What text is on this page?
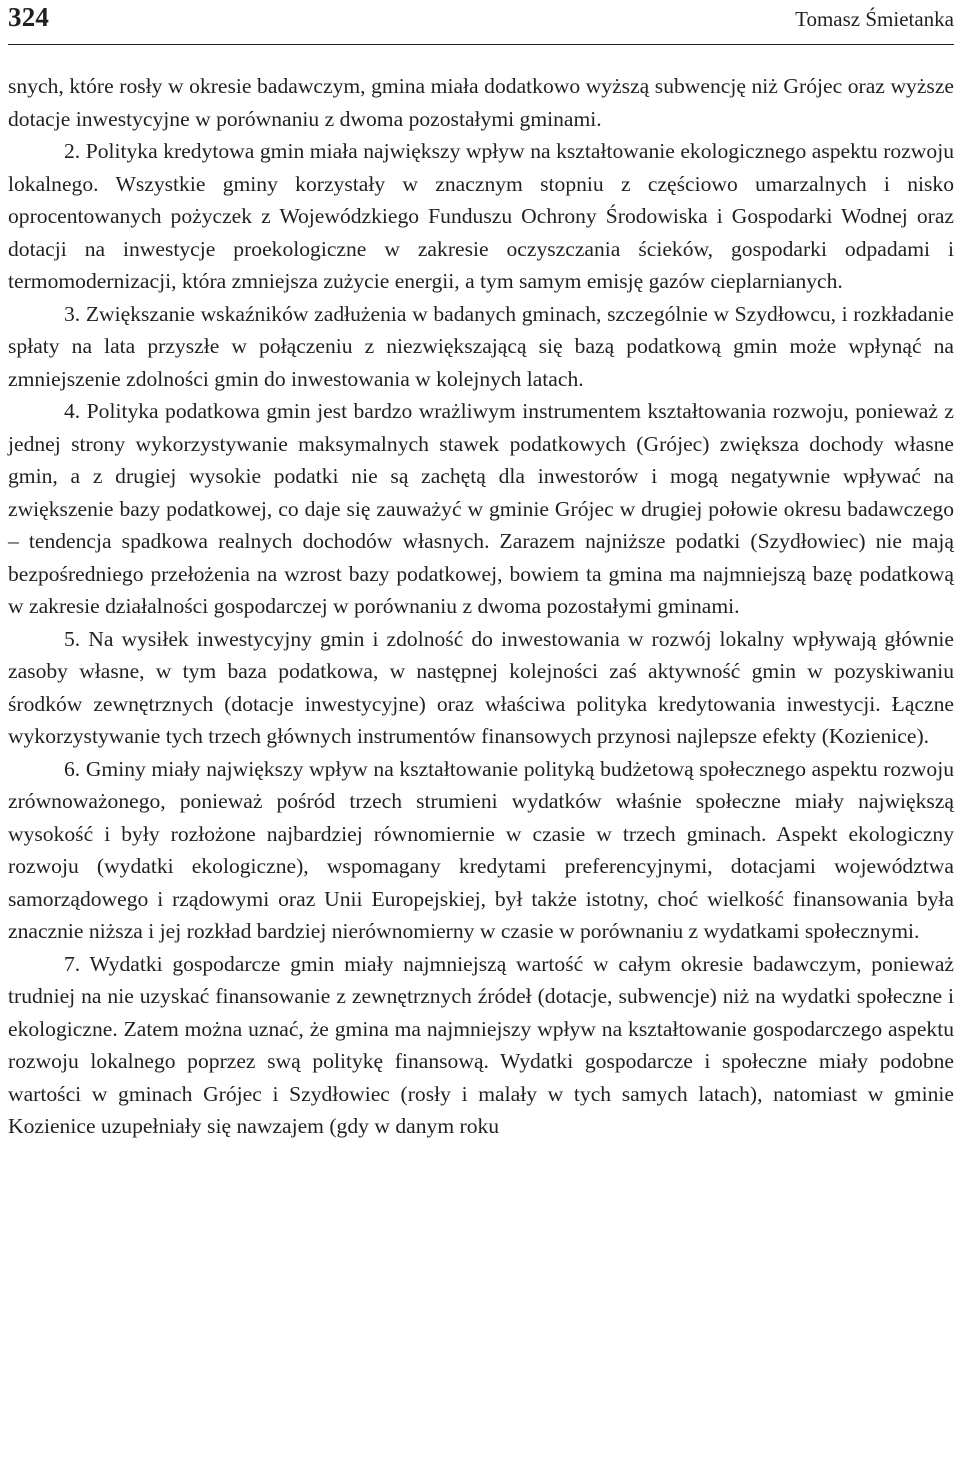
324	Tomasz Śmietanka

snych, które rosły w okresie badawczym, gmina miała dodatkowo wyższą subwencję niż Grójec oraz wyższe dotacje inwestycyjne w porównaniu z dwoma pozostałymi gminami.

2. Polityka kredytowa gmin miała największy wpływ na kształtowanie ekologicznego aspektu rozwoju lokalnego. Wszystkie gminy korzystały w znacznym stopniu z częściowo umarzalnych i nisko oprocentowanych pożyczek z Wojewódzkiego Funduszu Ochrony Środowiska i Gospodarki Wodnej oraz dotacji na inwestycje proekologiczne w zakresie oczyszczania ścieków, gospodarki odpadami i termomodernizacji, która zmniejsza zużycie energii, a tym samym emisję gazów cieplarnianych.

3. Zwiększanie wskaźników zadłużenia w badanych gminach, szczególnie w Szydłowcu, i rozkładanie spłaty na lata przyszłe w połączeniu z niezwiększającą się bazą podatkową gmin może wpłynąć na zmniejszenie zdolności gmin do inwestowania w kolejnych latach.

4. Polityka podatkowa gmin jest bardzo wrażliwym instrumentem kształtowania rozwoju, ponieważ z jednej strony wykorzystywanie maksymalnych stawek podatkowych (Grójec) zwiększa dochody własne gmin, a z drugiej wysokie podatki nie są zachętą dla inwestorów i mogą negatywnie wpływać na zwiększenie bazy podatkowej, co daje się zauważyć w gminie Grójec w drugiej połowie okresu badawczego – tendencja spadkowa realnych dochodów własnych. Zarazem najniższe podatki (Szydłowiec) nie mają bezpośredniego przełożenia na wzrost bazy podatkowej, bowiem ta gmina ma najmniejszą bazę podatkową w zakresie działalności gospodarczej w porównaniu z dwoma pozostałymi gminami.

5. Na wysiłek inwestycyjny gmin i zdolność do inwestowania w rozwój lokalny wpływają głównie zasoby własne, w tym baza podatkowa, w następnej kolejności zaś aktywność gmin w pozyskiwaniu środków zewnętrznych (dotacje inwestycyjne) oraz właściwa polityka kredytowania inwestycji. Łączne wykorzystywanie tych trzech głównych instrumentów finansowych przynosi najlepsze efekty (Kozienice).

6. Gminy miały największy wpływ na kształtowanie polityką budżetową społecznego aspektu rozwoju zrównoważonego, ponieważ pośród trzech strumieni wydatków właśnie społeczne miały największą wysokość i były rozłożone najbardziej równomiernie w czasie w trzech gminach. Aspekt ekologiczny rozwoju (wydatki ekologiczne), wspomagany kredytami preferencyjnymi, dotacjami województwa samorządowego i rządowymi oraz Unii Europejskiej, był także istotny, choć wielkość finansowania była znacznie niższa i jej rozkład bardziej nierównomierny w czasie w porównaniu z wydatkami społecznymi.

7. Wydatki gospodarcze gmin miały najmniejszą wartość w całym okresie badawczym, ponieważ trudniej na nie uzyskać finansowanie z zewnętrznych źródeł (dotacje, subwencje) niż na wydatki społeczne i ekologiczne. Zatem można uznać, że gmina ma najmniejszy wpływ na kształtowanie gospodarczego aspektu rozwoju lokalnego poprzez swą politykę finansową. Wydatki gospodarcze i społeczne miały podobne wartości w gminach Grójec i Szydłowiec (rosły i malały w tych samych latach), natomiast w gminie Kozienice uzupełniały się nawzajem (gdy w danym roku
